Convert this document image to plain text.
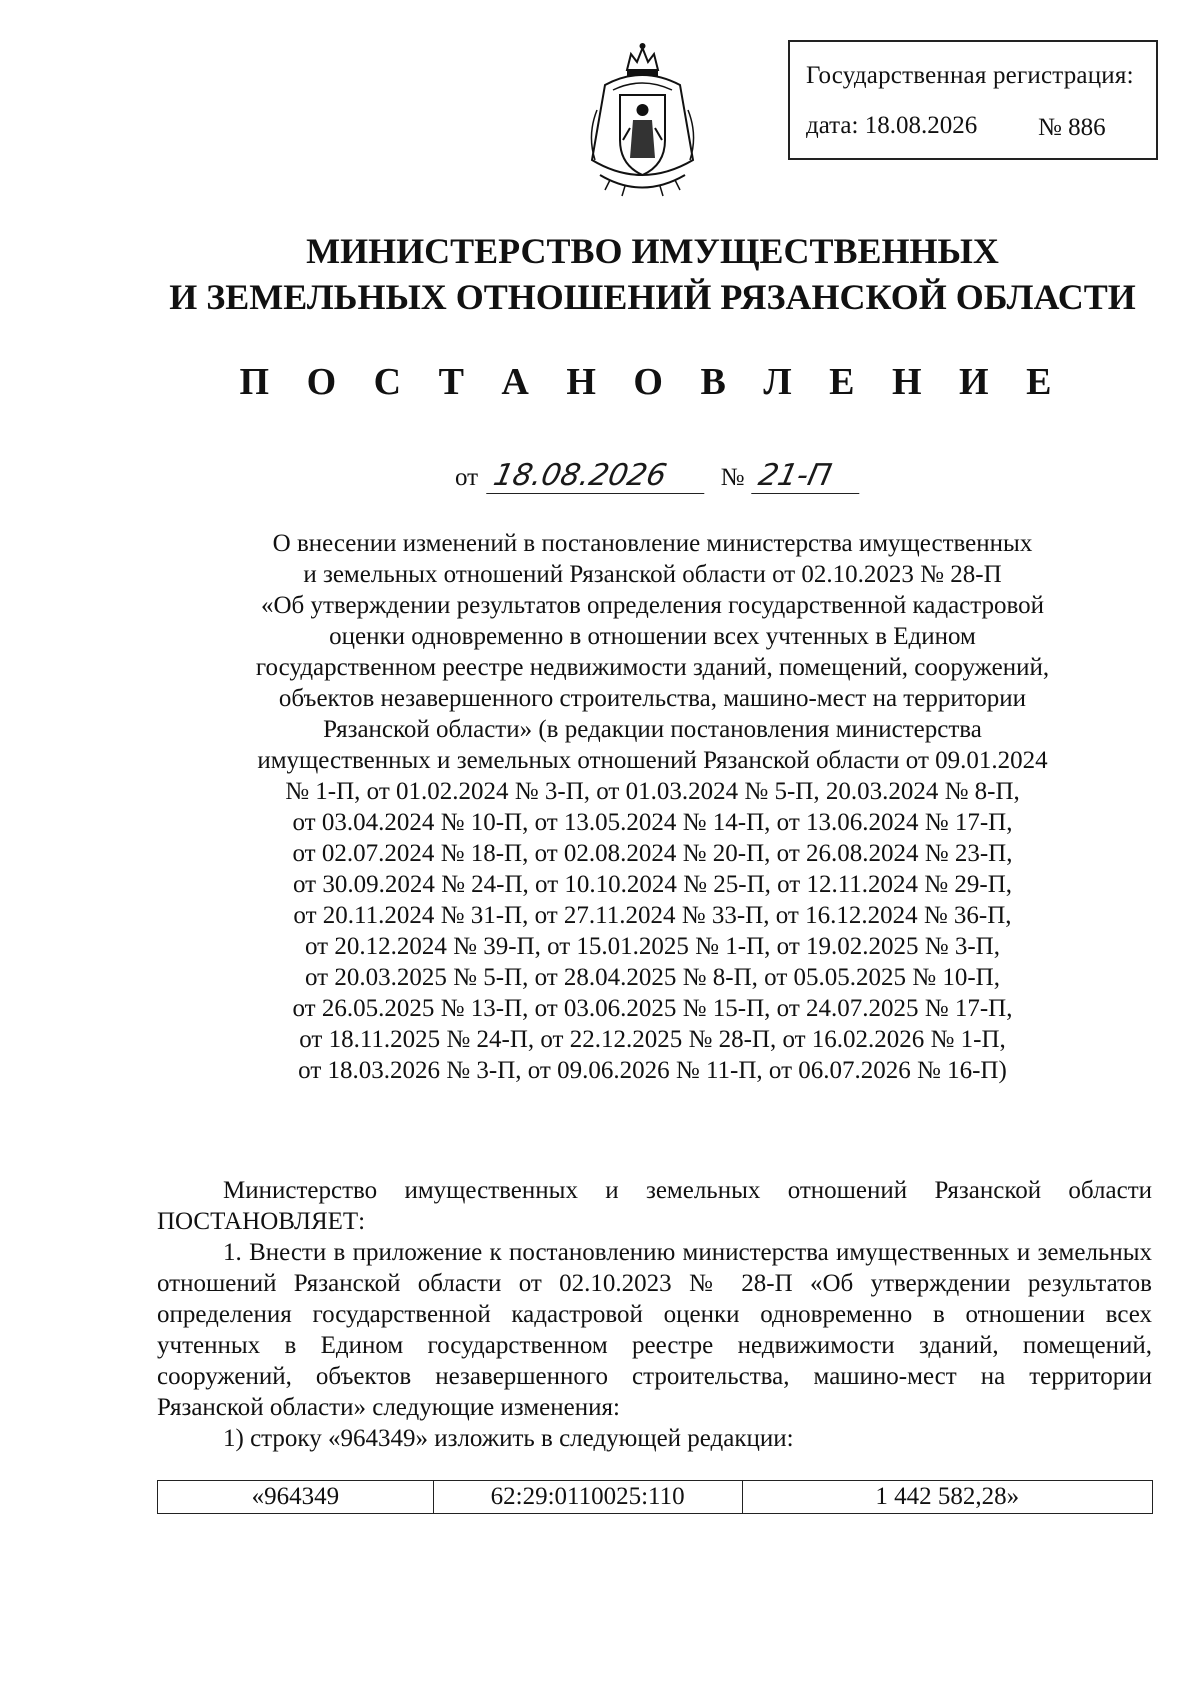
Государственная регистрация:
дата: 18.08.2026 № 886
МИНИСТЕРСТВО ИМУЩЕСТВЕННЫХ
И ЗЕМЕЛЬНЫХ ОТНОШЕНИЙ РЯЗАНСКОЙ ОБЛАСТИ
П О С Т А Н О В Л Е Н И Е
от 18.08.2026 № 21-П
О внесении изменений в постановление министерства имущественных
и земельных отношений Рязанской области от 02.10.2023 № 28-П
«Об утверждении результатов определения государственной кадастровой
оценки одновременно в отношении всех учтенных в Едином
государственном реестре недвижимости зданий, помещений, сооружений,
объектов незавершенного строительства, машино-мест на территории
Рязанской области» (в редакции постановления министерства
имущественных и земельных отношений Рязанской области от 09.01.2024
№ 1-П, от 01.02.2024 № 3-П, от 01.03.2024 № 5-П, 20.03.2024 № 8-П,
от 03.04.2024 № 10-П, от 13.05.2024 № 14-П, от 13.06.2024 № 17-П,
от 02.07.2024 № 18-П, от 02.08.2024 № 20-П, от 26.08.2024 № 23-П,
от 30.09.2024 № 24-П, от 10.10.2024 № 25-П, от 12.11.2024 № 29-П,
от 20.11.2024 № 31-П, от 27.11.2024 № 33-П, от 16.12.2024 № 36-П,
от 20.12.2024 № 39-П, от 15.01.2025 № 1-П, от 19.02.2025 № 3-П,
от 20.03.2025 № 5-П, от 28.04.2025 № 8-П, от 05.05.2025 № 10-П,
от 26.05.2025 № 13-П, от 03.06.2025 № 15-П, от 24.07.2025 № 17-П,
от 18.11.2025 № 24-П, от 22.12.2025 № 28-П, от 16.02.2026 № 1-П,
от 18.03.2026 № 3-П, от 09.06.2026 № 11-П, от 06.07.2026 № 16-П)

Министерство имущественных и земельных отношений Рязанской области ПОСТАНОВЛЯЕТ:

1. Внести в приложение к постановлению министерства имущественных и земельных отношений Рязанской области от 02.10.2023 № 28-П «Об утверждении результатов определения государственной кадастровой оценки одновременно в отношении всех учтенных в Едином государственном реестре недвижимости зданий, помещений, сооружений, объектов незавершенного строительства, машино-мест на территории Рязанской области» следующие изменения:

1) строку «964349» изложить в следующей редакции:

«964349	62:29:0110025:110	1 442 582,28»
